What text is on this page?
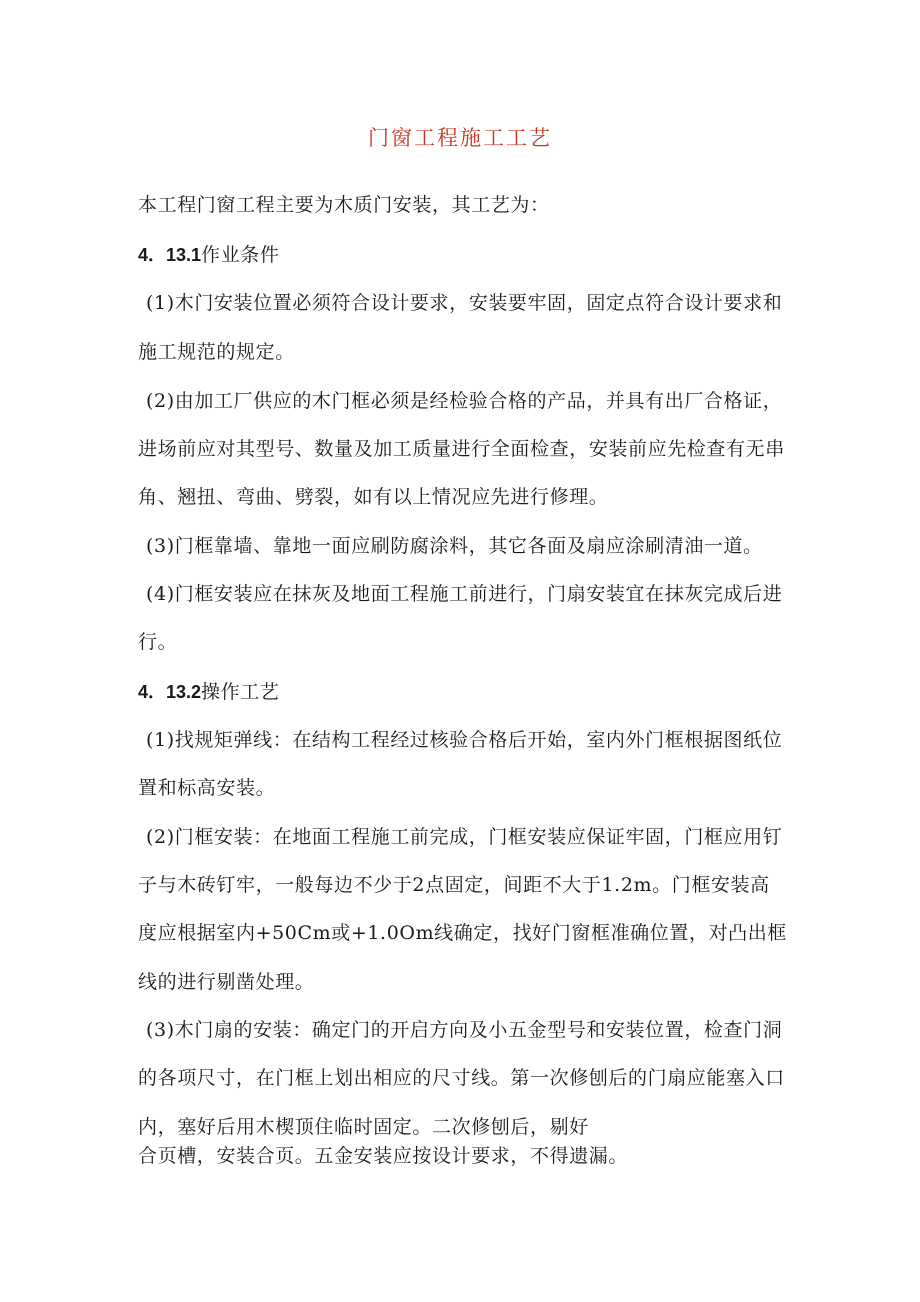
门窗工程施工工艺
本工程门窗工程主要为木质门安装，其工艺为：
4．13.1作业条件
(1)木门安装位置必须符合设计要求，安装要牢固，固定点符合设计要求和
施工规范的规定。
(2)由加工厂供应的木门框必须是经检验合格的产品，并具有出厂合格证，
进场前应对其型号、数量及加工质量进行全面检查，安装前应先检查有无串
角、翘扭、弯曲、劈裂，如有以上情况应先进行修理。
(3)门框靠墙、靠地一面应刷防腐涂料，其它各面及扇应涂刷清油一道。
(4)门框安装应在抹灰及地面工程施工前进行，门扇安装宜在抹灰完成后进
行。
4．13.2操作工艺
(1)找规矩弹线：在结构工程经过核验合格后开始，室内外门框根据图纸位
置和标高安装。
(2)门框安装：在地面工程施工前完成，门框安装应保证牢固，门框应用钉
子与木砖钉牢，一般每边不少于2点固定，间距不大于1.2m。门框安装高
度应根据室内+50Cm或+1.0Om线确定，找好门窗框准确位置，对凸出框
线的进行剔凿处理。
(3)木门扇的安装：确定门的开启方向及小五金型号和安装位置，检查门洞
的各项尺寸，在门框上划出相应的尺寸线。第一次修刨后的门扇应能塞入口
内，塞好后用木楔顶住临时固定。二次修刨后，剔好
合页槽，安装合页。五金安装应按设计要求，不得遗漏。
